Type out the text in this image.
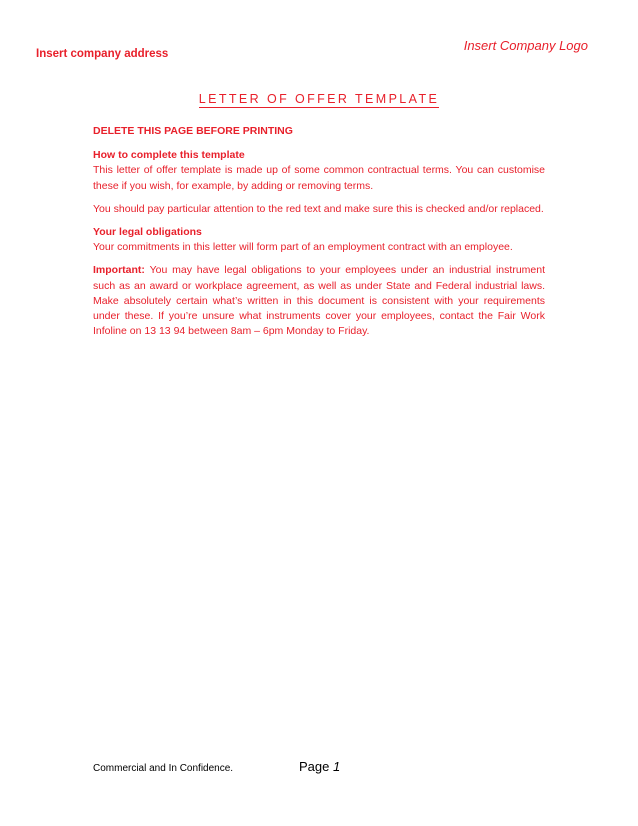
Insert Company Logo
Insert company address
LETTER OF OFFER TEMPLATE

DELETE THIS PAGE BEFORE PRINTING

How to complete this template
This letter of offer template is made up of some common contractual terms. You can customise these if you wish, for example, by adding or removing terms.

You should pay particular attention to the red text and make sure this is checked and/or replaced.

Your legal obligations
Your commitments in this letter will form part of an employment contract with an employee.

Important: You may have legal obligations to your employees under an industrial instrument such as an award or workplace agreement, as well as under State and Federal industrial laws. Make absolutely certain what’s written in this document is consistent with your requirements under these. If you’re unsure what instruments cover your employees, contact the Fair Work Infoline on 13 13 94 between 8am – 6pm Monday to Friday.

Commercial and In Confidence.	Page 1
